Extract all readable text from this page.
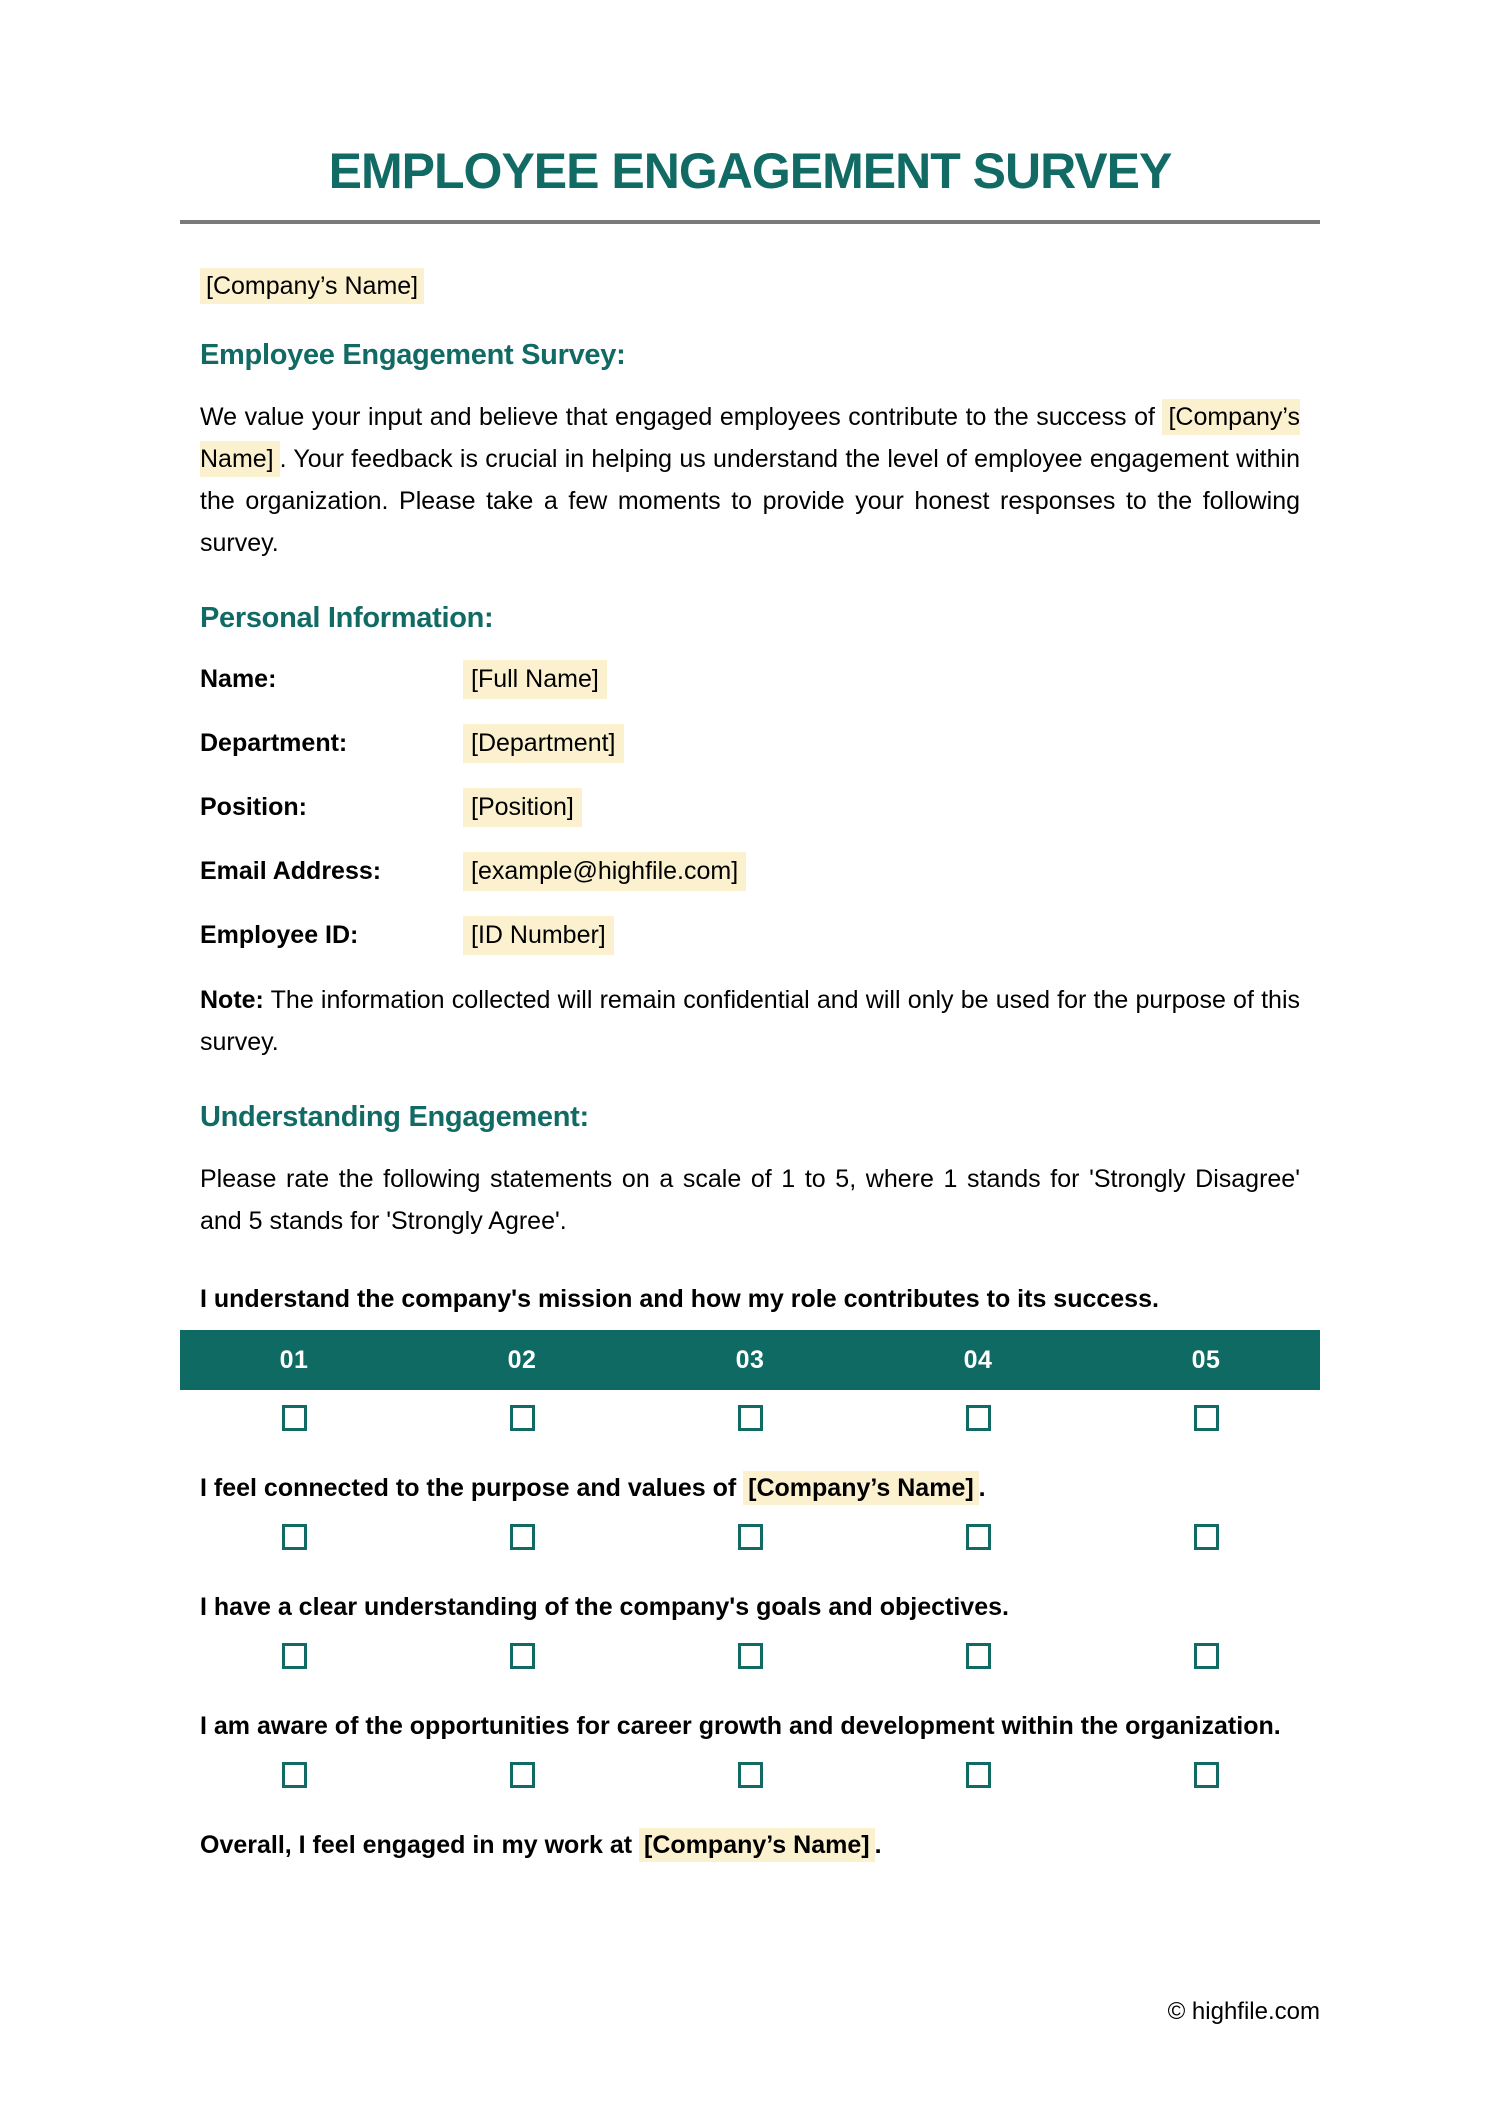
EMPLOYEE ENGAGEMENT SURVEY

[Company’s Name]

Employee Engagement Survey:

We value your input and believe that engaged employees contribute to the success of [Company’s Name] . Your feedback is crucial in helping us understand the level of employee engagement within the organization. Please take a few moments to provide your honest responses to the following survey.

Personal Information:
Name:	[Full Name]
Department:	[Department]
Position:	[Position]
Email Address:	[example@highfile.com]
Employee ID:	[ID Number]

Note: The information collected will remain confidential and will only be used for the purpose of this survey.

Understanding Engagement:

Please rate the following statements on a scale of 1 to 5, where 1 stands for 'Strongly Disagree' and 5 stands for 'Strongly Agree'.

I understand the company's mission and how my role contributes to its success.

01	02	03	04	05

I feel connected to the purpose and values of [Company’s Name] .

I have a clear understanding of the company's goals and objectives.

I am aware of the opportunities for career growth and development within the organization.

Overall, I feel engaged in my work at [Company’s Name] .

© highfile.com
